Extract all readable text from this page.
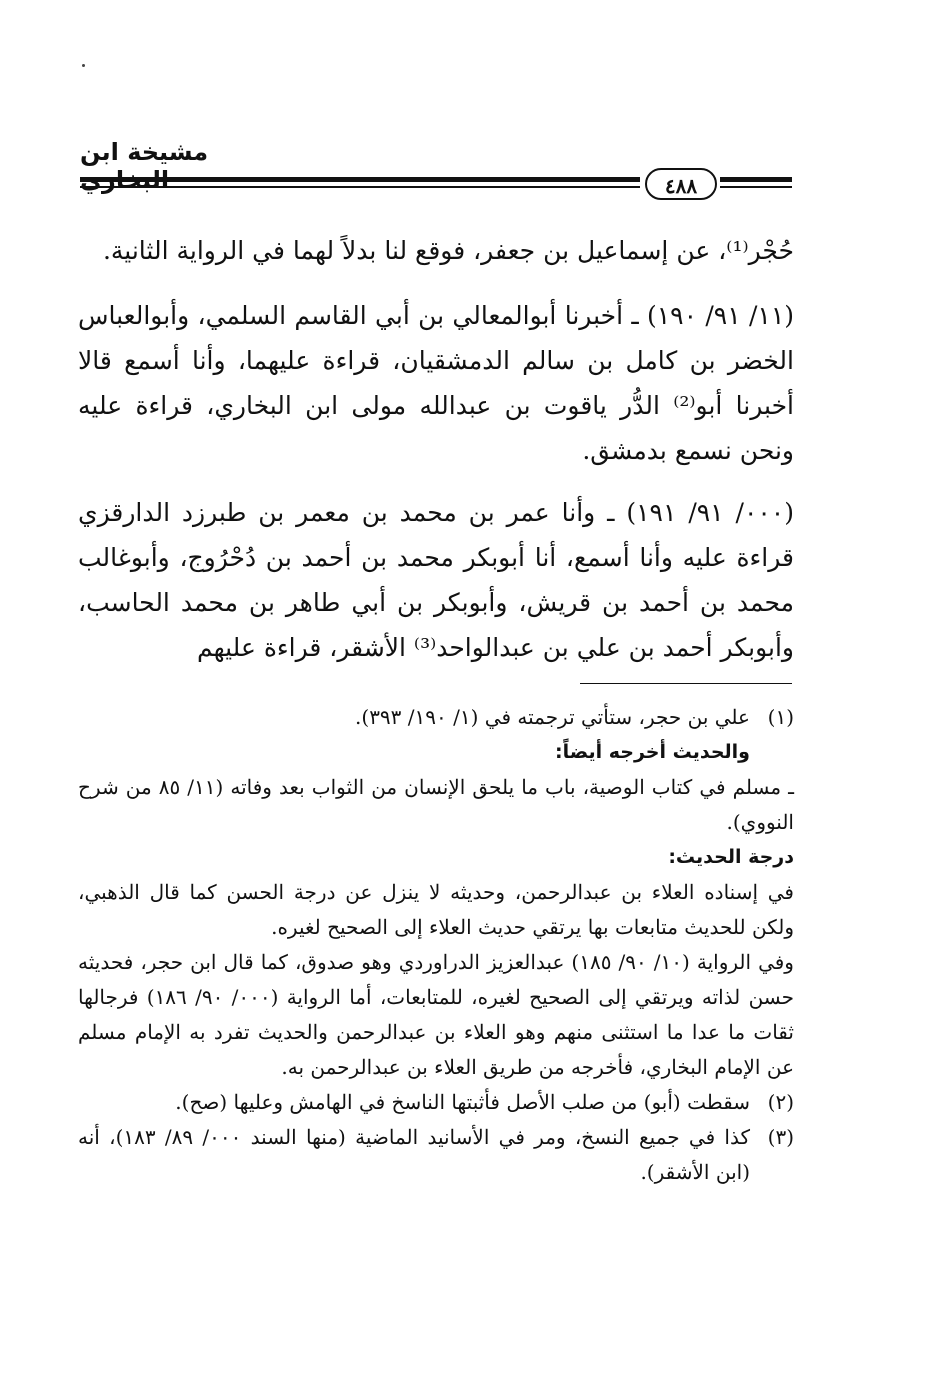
مشيخة ابن
٤٨٨

حُجْر⁽¹⁾، عن إسماعيل بن جعفر، فوقع لنا بدلاً لهما في الرواية الثانية.

(١١/ ٩١/ ١٩٠) ـ أخبرنا أبوالمعالي بن أبي القاسم السلمي، وأبوالعباس الخضر بن كامل بن سالم الدمشقيان، قراءة عليهما، وأنا أسمع قالا أخبرنا أبو⁽²⁾ الدُّر ياقوت بن عبدالله مولى ابن البخاري، قراءة عليه ونحن نسمع بدمشق.

(٠٠٠/ ٩١/ ١٩١) ـ وأنا عمر بن محمد بن معمر بن طبرزد الدارقزي قراءة عليه وأنا أسمع، أنا أبوبكر محمد بن أحمد بن دُحْرُوج، وأبوغالب محمد بن أحمد بن قريش، وأبوبكر بن أبي طاهر بن محمد الحاسب، وأبوبكر أحمد بن علي بن عبدالواحد⁽³⁾ الأشقر، قراءة عليهم

(١)

علي بن حجر، ستأتي ترجمته في (١/ ١٩٠/ ٣٩٣).

والحديث أخرجه أيضاً:

ـ مسلم في كتاب الوصية، باب ما يلحق الإنسان من الثواب بعد وفاته (١١/ ٨٥ من شرح النووي).

درجة الحديث:

في إسناده العلاء بن عبدالرحمن، وحديثه لا ينزل عن درجة الحسن كما قال الذهبي، ولكن للحديث متابعات بها يرتقي حديث العلاء إلى الصحيح لغيره.

وفي الرواية (١٠/ ٩٠/ ١٨٥) عبدالعزيز الدراوردي وهو صدوق، كما قال ابن حجر، فحديثه حسن لذاته ويرتقي إلى الصحيح لغيره، للمتابعات، أما الرواية (٠٠٠/ ٩٠/ ١٨٦) فرجالها ثقات ما عدا ما استثنى منهم وهو العلاء بن عبدالرحمن والحديث تفرد به الإمام مسلم عن الإمام البخاري، فأخرجه من طريق العلاء بن عبدالرحمن به.

(٢)
سقطت (أبو) من صلب الأصل فأثبتها الناسخ في الهامش وعليها (صح).
(٣)
كذا في جميع النسخ، ومر في الأسانيد الماضية (منها السند ٠٠٠/ ٨٩/ ١٨٣)، أنه (ابن الأشقر).
